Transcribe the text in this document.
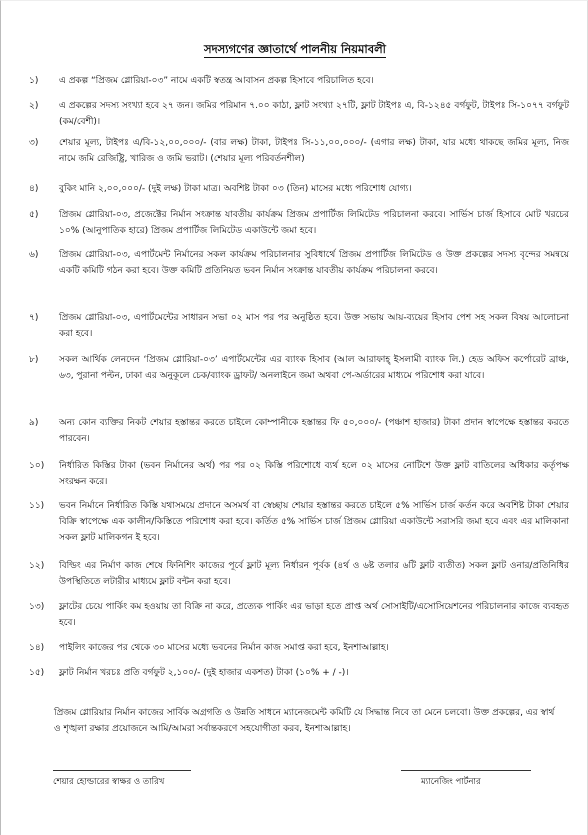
সদস্যগণের জ্ঞাতার্থে পালনীয় নিয়মাবলী
১)	এ প্রকল্প “প্রিজম গ্লোরিয়া-০৩” নামে একটি স্বতন্ত্র আবাসন প্রকল্প হিসাবে পরিচালিত হবে।
২)	এ প্রকল্পের সদস্য সংখ্যা হবে ২৭ জন। জমির পরিমান ৭.০০ কাঠা, ফ্লাট সংখ্যা ২৭টি, ফ্লাট টাইপঃ এ, বি-১২৪৫ বর্গফুট, টাইপঃ সি-১০৭৭ বর্গফুট (কম/বেশী)।
৩)	শেয়ার মূল্য, টাইপঃ এ/বি-১২,০০,০০০/- (বার লক্ষ) টাকা, টাইপঃ সি-১১,০০,০০০/- (এগার লক্ষ) টাকা, যার মধ্যে থাকছে জমির মূল্য, নিজ নামে জমি রেজিষ্ট্রি, খারিজ ও জমি ভরাট। (শেয়ার মূল্য পরিবর্তনশীল)
৪)	বুকিং মানি ২,০০,০০০/- (দুই লক্ষ) টাকা মাত্র। অবশিষ্ট টাকা ০৩ (তিন) মাসের মধ্যে পরিশোধ যোগ্য।
৫)	প্রিজম গ্লোরিয়া-০৩, প্রজেক্টের নির্মান সংক্রান্ত যাবতীয় কার্যক্রম প্রিজম প্রপার্টিজ লিমিটেড পরিচালনা করবে। সার্ভিস চার্জ হিসাবে মোট খরচের ১০% (আনুপাতিক হারে) প্রিজম প্রপার্টিজ লিমিটেড একাউন্টে জমা হবে।
৬)	প্রিজম গ্লোরিয়া-০৩, এপার্টমেন্ট নির্মানের সকল কার্যক্রম পরিচালনার সুবিধার্থে প্রিজম প্রপার্টিজ লিমিটেড ও উক্ত প্রকল্পের সদস্য বৃন্দের সমন্বয়ে একটি কমিটি গঠন করা হবে। উক্ত কমিটি প্রতিনিয়ত ভবন নির্মান সংক্রান্ত যাবতীয় কার্যক্রম পরিচালনা করবে।
৭)	প্রিজম গ্লোরিয়া-০৩, এপার্টমেন্টের সাধারন সভা ০২ মাস পর পর অনুষ্ঠিত হবে। উক্ত সভায় আয়-ব্যয়ের হিসাব পেশ সহ সকল বিষয় আলোচনা করা হবে।
৮)	সকল আর্থিক লেনদেন ‘প্রিজম গ্লোরিয়া-০৩’ এপার্টমেন্টের এর ব্যাংক হিসাব (আল আরাফাহ্‌ ইসলামী ব্যাংক লি.) হেড অফিস কর্পোরেট ব্রাঞ্চ, ৬৩, পুরানা পল্টন, ঢাকা এর অনুকূলে চেক/ব্যাংক ড্রাফট/ অনলাইনে জমা অথবা পে-অর্ডারের মাধ্যমে পরিশোধ করা যাবে।
৯)	অন্য কোন ব্যক্তির নিকট শেয়ার হস্তান্তর করতে চাইলে কোম্পানীকে হস্তান্তর ফি ৫০,০০০/- (পঞ্চাশ হাজার) টাকা প্রদান স্বাপেক্ষে হস্তান্তর করতে পারবেন।
১০)	নির্ধারিত কিস্তির টাকা (ভবন নির্মানের অর্থ) পর পর ০২ কিস্তি পরিশোধে ব্যর্থ হলে ০২ মাসের নোটিশে উক্ত ফ্লাট বাতিলের অধিকার কর্তৃপক্ষ সংরক্ষন করে।
১১)	ভবন নির্মানে নির্ধারিত কিস্তি যথাসময়ে প্রদানে অসমর্থ বা স্বেচ্ছায় শেয়ার হস্তান্তর করতে চাইলে ৫% সার্ভিস চার্জ কর্তন করে অবশিষ্ট টাকা শেয়ার বিক্রি স্বাপেক্ষে এক কালীন/কিস্তিতে পরিশোধ করা হবে। কর্তিত ৫% সার্ভিস চার্জ প্রিজম গ্লোরিয়া একাউন্টে সরাসরি জমা হবে এবং এর মালিকানা সকল ফ্লাট মালিকগন ই হবে।
১২)	বিল্ডিং এর নির্মাণ কাজ শেষে ফিনিশিং কাজের পূর্বে ফ্লাট মূল্য নির্ধারন পূর্বক (৪র্থ ও ৬ষ্ট তলার ৬টি ফ্লাট ব্যতীত) সকল ফ্লাট ওনার/প্রতিনিধির উপস্থিতিতে লটারীর মাধ্যমে ফ্লাট বন্টন করা হবে।
১৩)	ফ্লাটের চেয়ে পার্কিং কম হওয়ায় তা বিক্রি না করে, প্রত্যেক পার্কিং এর ভাড়া হতে প্রাপ্ত অর্থ সোসাইটি/এসোসিয়েশনের পরিচালনার কাজে ব্যবহৃত হবে।
১৪)	পাইলিং কাজের পর থেকে ৩০ মাসের মধ্যে ভবনের নির্মান কাজ সমাপ্ত করা হবে, ইনশাআল্লাহ।
১৫)	ফ্লাট নির্মান খরচঃ প্রতি বর্গফুট ২,১০০/- (দুই হাজার একশত) টাকা (১০% + / -)।
প্রিজম গ্লোরিয়ার নির্মান কাজের সার্বিক অগ্রগতি ও উন্নতি সাধনে ম্যানেজমেন্ট কমিটি যে সিদ্ধান্ত নিবে তা মেনে চলবো। উক্ত প্রকল্পের, এর স্বার্থ ও শৃঙ্খলা রক্ষার প্রয়োজনে আমি/আমরা সর্বান্তকরণে সহযোগীতা করব, ইনশাআল্লাহ।
শেয়ার হোল্ডারের স্বাক্ষর ও তারিখ	ম্যানেজিং পার্টনার
